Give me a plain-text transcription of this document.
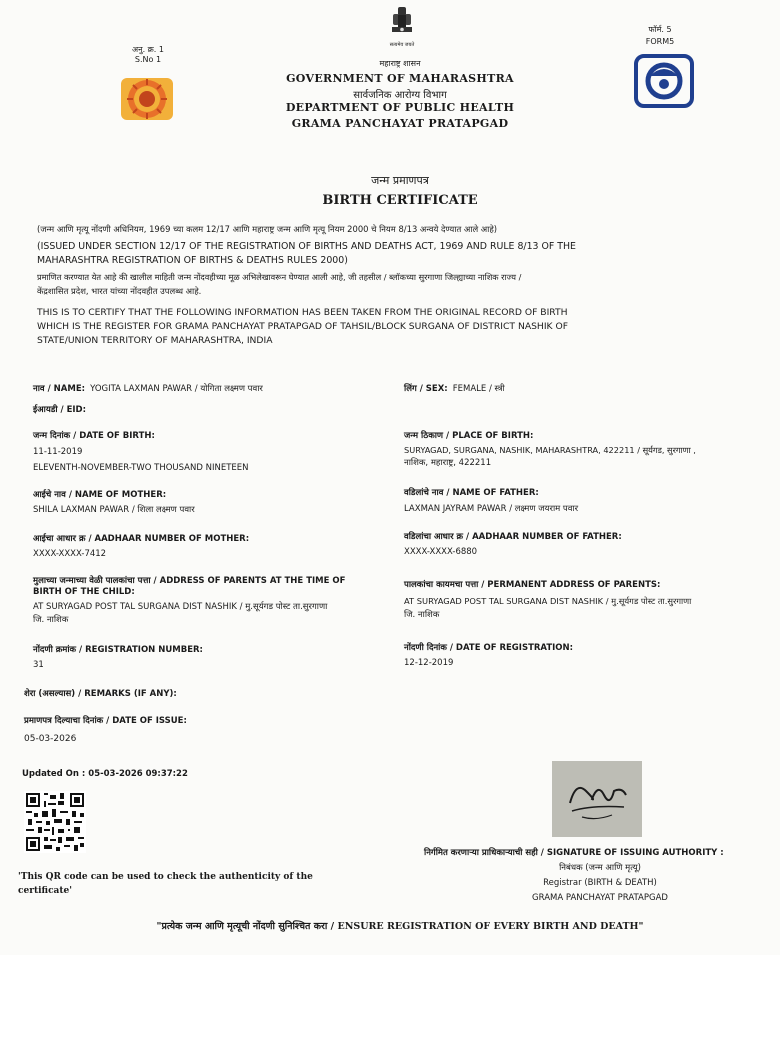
अनु. क्र. 1
S.No 1
सत्यमेव जयते
महाराष्ट्र शासन
GOVERNMENT OF MAHARASHTRA
सार्वजनिक आरोग्य विभाग
DEPARTMENT OF PUBLIC HEALTH
GRAMA PANCHAYAT PRATAPGAD
फॉर्म. 5
FORM5
जन्म प्रमाणपत्र
BIRTH CERTIFICATE
(जन्म आणि मृत्यू नोंदणी अधिनियम, 1969 च्या कलम 12/17 आणि महाराष्ट्र जन्म आणि मृत्यू नियम 2000 चे नियम 8/13 अन्वये देण्यात आले आहे)
(ISSUED UNDER SECTION 12/17 OF THE REGISTRATION OF BIRTHS AND DEATHS ACT, 1969 AND RULE 8/13 OF THE
MAHARASHTRA REGISTRATION OF BIRTHS & DEATHS RULES 2000)
प्रमाणित करण्यात येत आहे की खालील माहिती जन्म नोंदवहीच्या मूळ अभिलेखावरून घेण्यात आली आहे, जी तहसील / ब्लॉकच्या सुरगाणा जिल्ह्याच्या नाशिक राज्य /
केंद्रशासित प्रदेश, भारत यांच्या नोंदवहीत उपलब्ध आहे.
THIS IS TO CERTIFY THAT THE FOLLOWING INFORMATION HAS BEEN TAKEN FROM THE ORIGINAL RECORD OF BIRTH
WHICH IS THE REGISTER FOR GRAMA PANCHAYAT PRATAPGAD OF TAHSIL/BLOCK SURGANA OF DISTRICT NASHIK OF
STATE/UNION TERRITORY OF MAHARASHTRA, INDIA
नाव / NAME: YOGITA LAXMAN PAWAR / योगिता लक्ष्मण पवार	लिंग / SEX: FEMALE / स्त्री
ईआयडी / EID:
जन्म दिनांक / DATE OF BIRTH:
11-11-2019
ELEVENTH-NOVEMBER-TWO THOUSAND NINETEEN
जन्म ठिकाण / PLACE OF BIRTH:
SURYAGAD, SURGANA, NASHIK, MAHARASHTRA, 422211 / सूर्यगड, सुरगाणा ,
नाशिक, महाराष्ट्र, 422211
आईचे नाव / NAME OF MOTHER:
SHILA LAXMAN PAWAR / शिला लक्ष्मण पवार
वडिलांचे नाव / NAME OF FATHER:
LAXMAN JAYRAM PAWAR / लक्ष्मण जयराम पवार
आईचा आधार क्र / AADHAAR NUMBER OF MOTHER:
XXXX-XXXX-7412
वडिलांचा आधार क्र / AADHAAR NUMBER OF FATHER:
XXXX-XXXX-6880
मुलाच्या जन्माच्या वेळी पालकांचा पत्ता / ADDRESS OF PARENTS AT THE TIME OF
BIRTH OF THE CHILD:
AT SURYAGAD POST TAL SURGANA DIST NASHIK / मु.सूर्यगड पोस्ट ता.सुरगाणा
जि. नाशिक
पालकांचा कायमचा पत्ता / PERMANENT ADDRESS OF PARENTS:
AT SURYAGAD POST TAL SURGANA DIST NASHIK / मु.सूर्यगड पोस्ट ता.सुरगाणा
जि. नाशिक
नोंदणी क्रमांक / REGISTRATION NUMBER:
31
नोंदणी दिनांक / DATE OF REGISTRATION:
12-12-2019
शेरा (असल्यास) / REMARKS (IF ANY):
प्रमाणपत्र दिल्याचा दिनांक / DATE OF ISSUE:
05-03-2026
Updated On : 05-03-2026 09:37:22
'This QR code can be used to check the authenticity of the
certificate'
निर्गमित करणाऱ्या प्राधिकाऱ्याची सही / SIGNATURE OF ISSUING AUTHORITY :
निबंधक (जन्म आणि मृत्यू)
Registrar (BIRTH & DEATH)
GRAMA PANCHAYAT PRATAPGAD
"प्रत्येक जन्म आणि मृत्यूची नोंदणी सुनिश्चित करा / ENSURE REGISTRATION OF EVERY BIRTH AND DEATH"
